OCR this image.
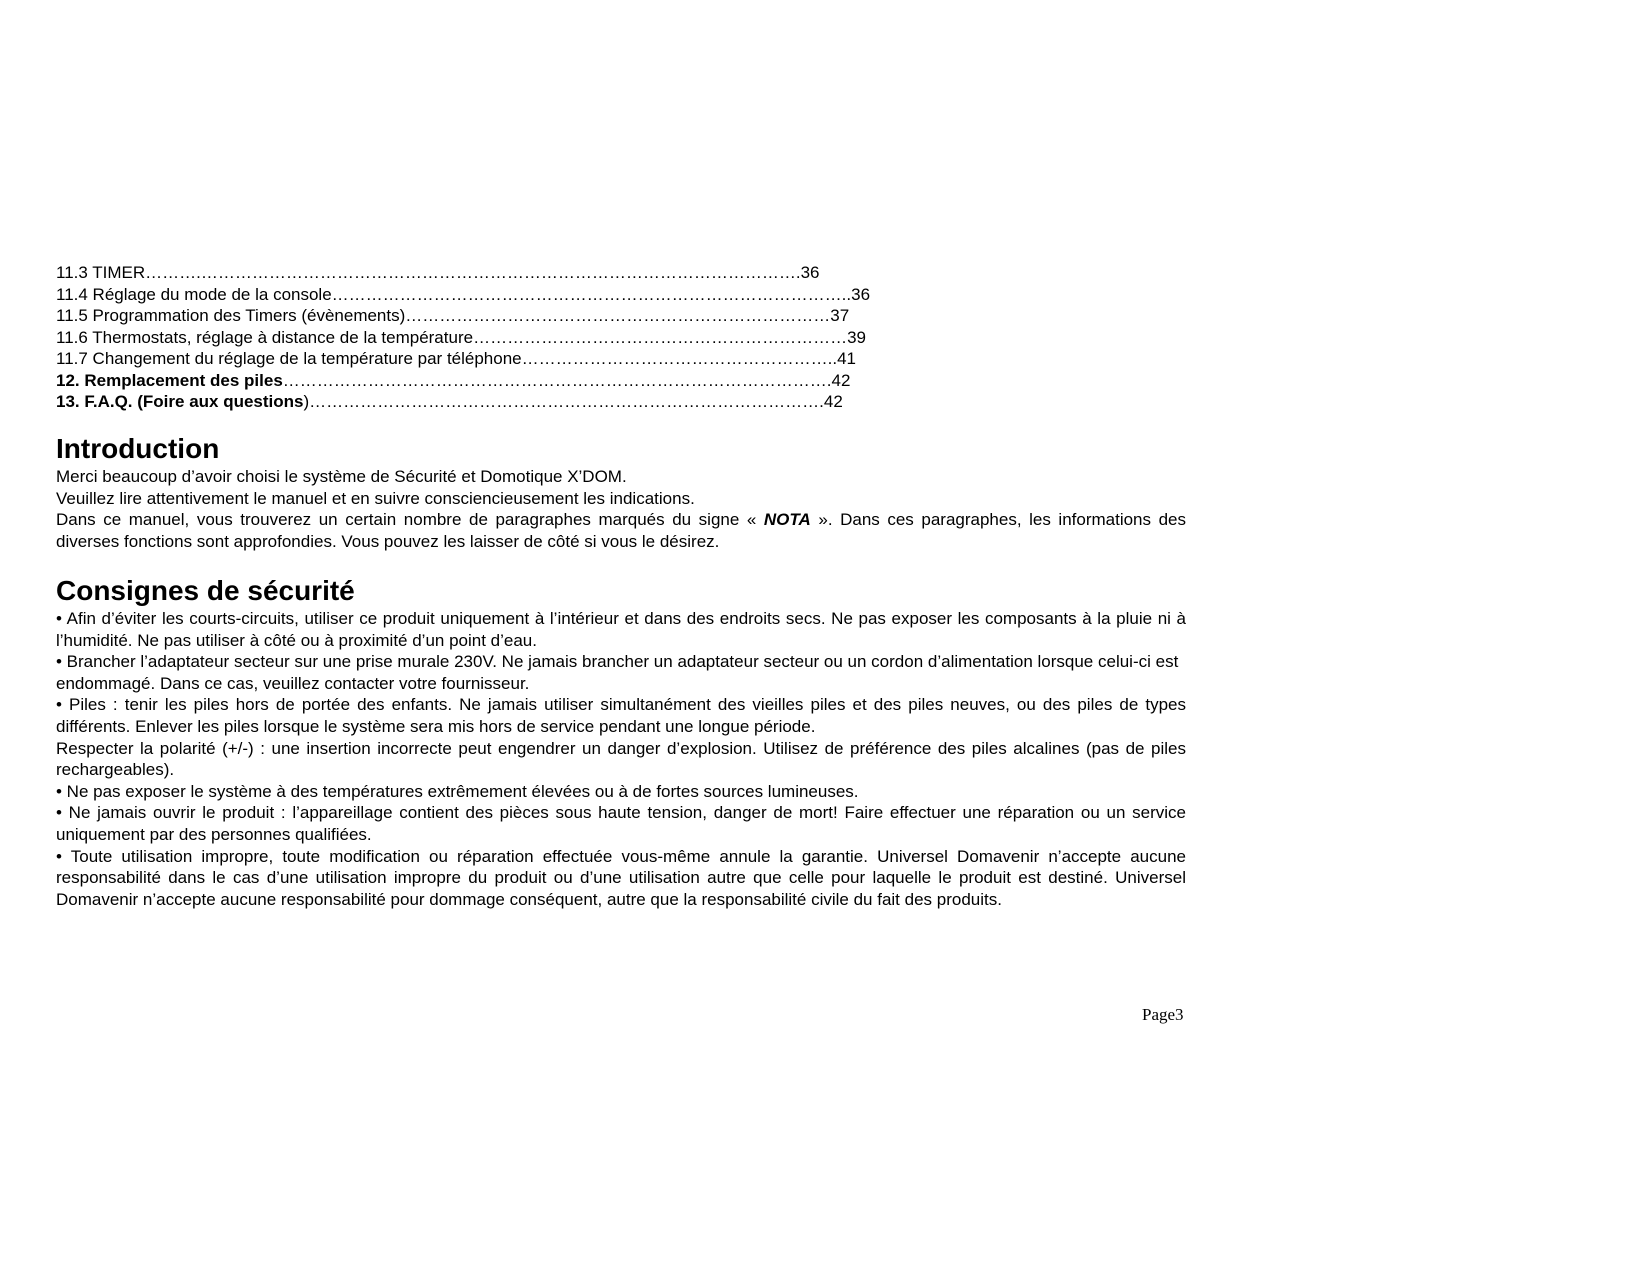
11.3 TIMER ……….…………………………………………………………………………………………… .36
11.4 Réglage du mode de la console ……………………………………………………………………………….. 36
11.5 Programmation des Timers (évènements) ………………………………………………………………… 37
11.6 Thermostats, réglage à distance de la température ………………………………………………………… 39
11.7 Changement du réglage de la température par téléphone ………………………………………………. .41
12. Remplacement des piles ……………………………………………………………………………………. 42
13. F.A.Q. (Foire aux questions )………………………………………………………………………………. 42
Introduction

Merci beaucoup d’avoir choisi le système de Sécurité et Domotique X’DOM.

Veuillez lire attentivement le manuel et en suivre consciencieusement les indications.

Dans ce manuel, vous trouverez un certain nombre de paragraphes marqués du signe « NOTA ». Dans ces paragraphes, les informations des diverses fonctions sont approfondies. Vous pouvez les laisser de côté si vous le désirez.

Consignes de sécurité

• Afin d’éviter les courts-circuits, utiliser ce produit uniquement à l’intérieur et dans des endroits secs. Ne pas exposer les composants à la pluie ni à l’humidité. Ne pas utiliser à côté ou à proximité d’un point d’eau.

• Brancher l’adaptateur secteur sur une prise murale 230V. Ne jamais brancher un adaptateur secteur ou un cordon d’alimentation lorsque celui-ci est endommagé. Dans ce cas, veuillez contacter votre fournisseur.

• Piles : tenir les piles hors de portée des enfants. Ne jamais utiliser simultanément des vieilles piles et des piles neuves, ou des piles de types différents. Enlever les piles lorsque le système sera mis hors de service pendant une longue période.

Respecter la polarité (+/-) : une insertion incorrecte peut engendrer un danger d’explosion. Utilisez de préférence des piles alcalines (pas de piles rechargeables).

• Ne pas exposer le système à des températures extrêmement élevées ou à de fortes sources lumineuses.

• Ne jamais ouvrir le produit : l’appareillage contient des pièces sous haute tension, danger de mort! Faire effectuer une réparation ou un service uniquement par des personnes qualifiées.

• Toute utilisation impropre, toute modification ou réparation effectuée vous-même annule la garantie. Universel Domavenir n’accepte aucune responsabilité dans le cas d’une utilisation impropre du produit ou d’une utilisation autre que celle pour laquelle le produit est destiné. Universel Domavenir n’accepte aucune responsabilité pour dommage conséquent, autre que la responsabilité civile du fait des produits.

Page3
